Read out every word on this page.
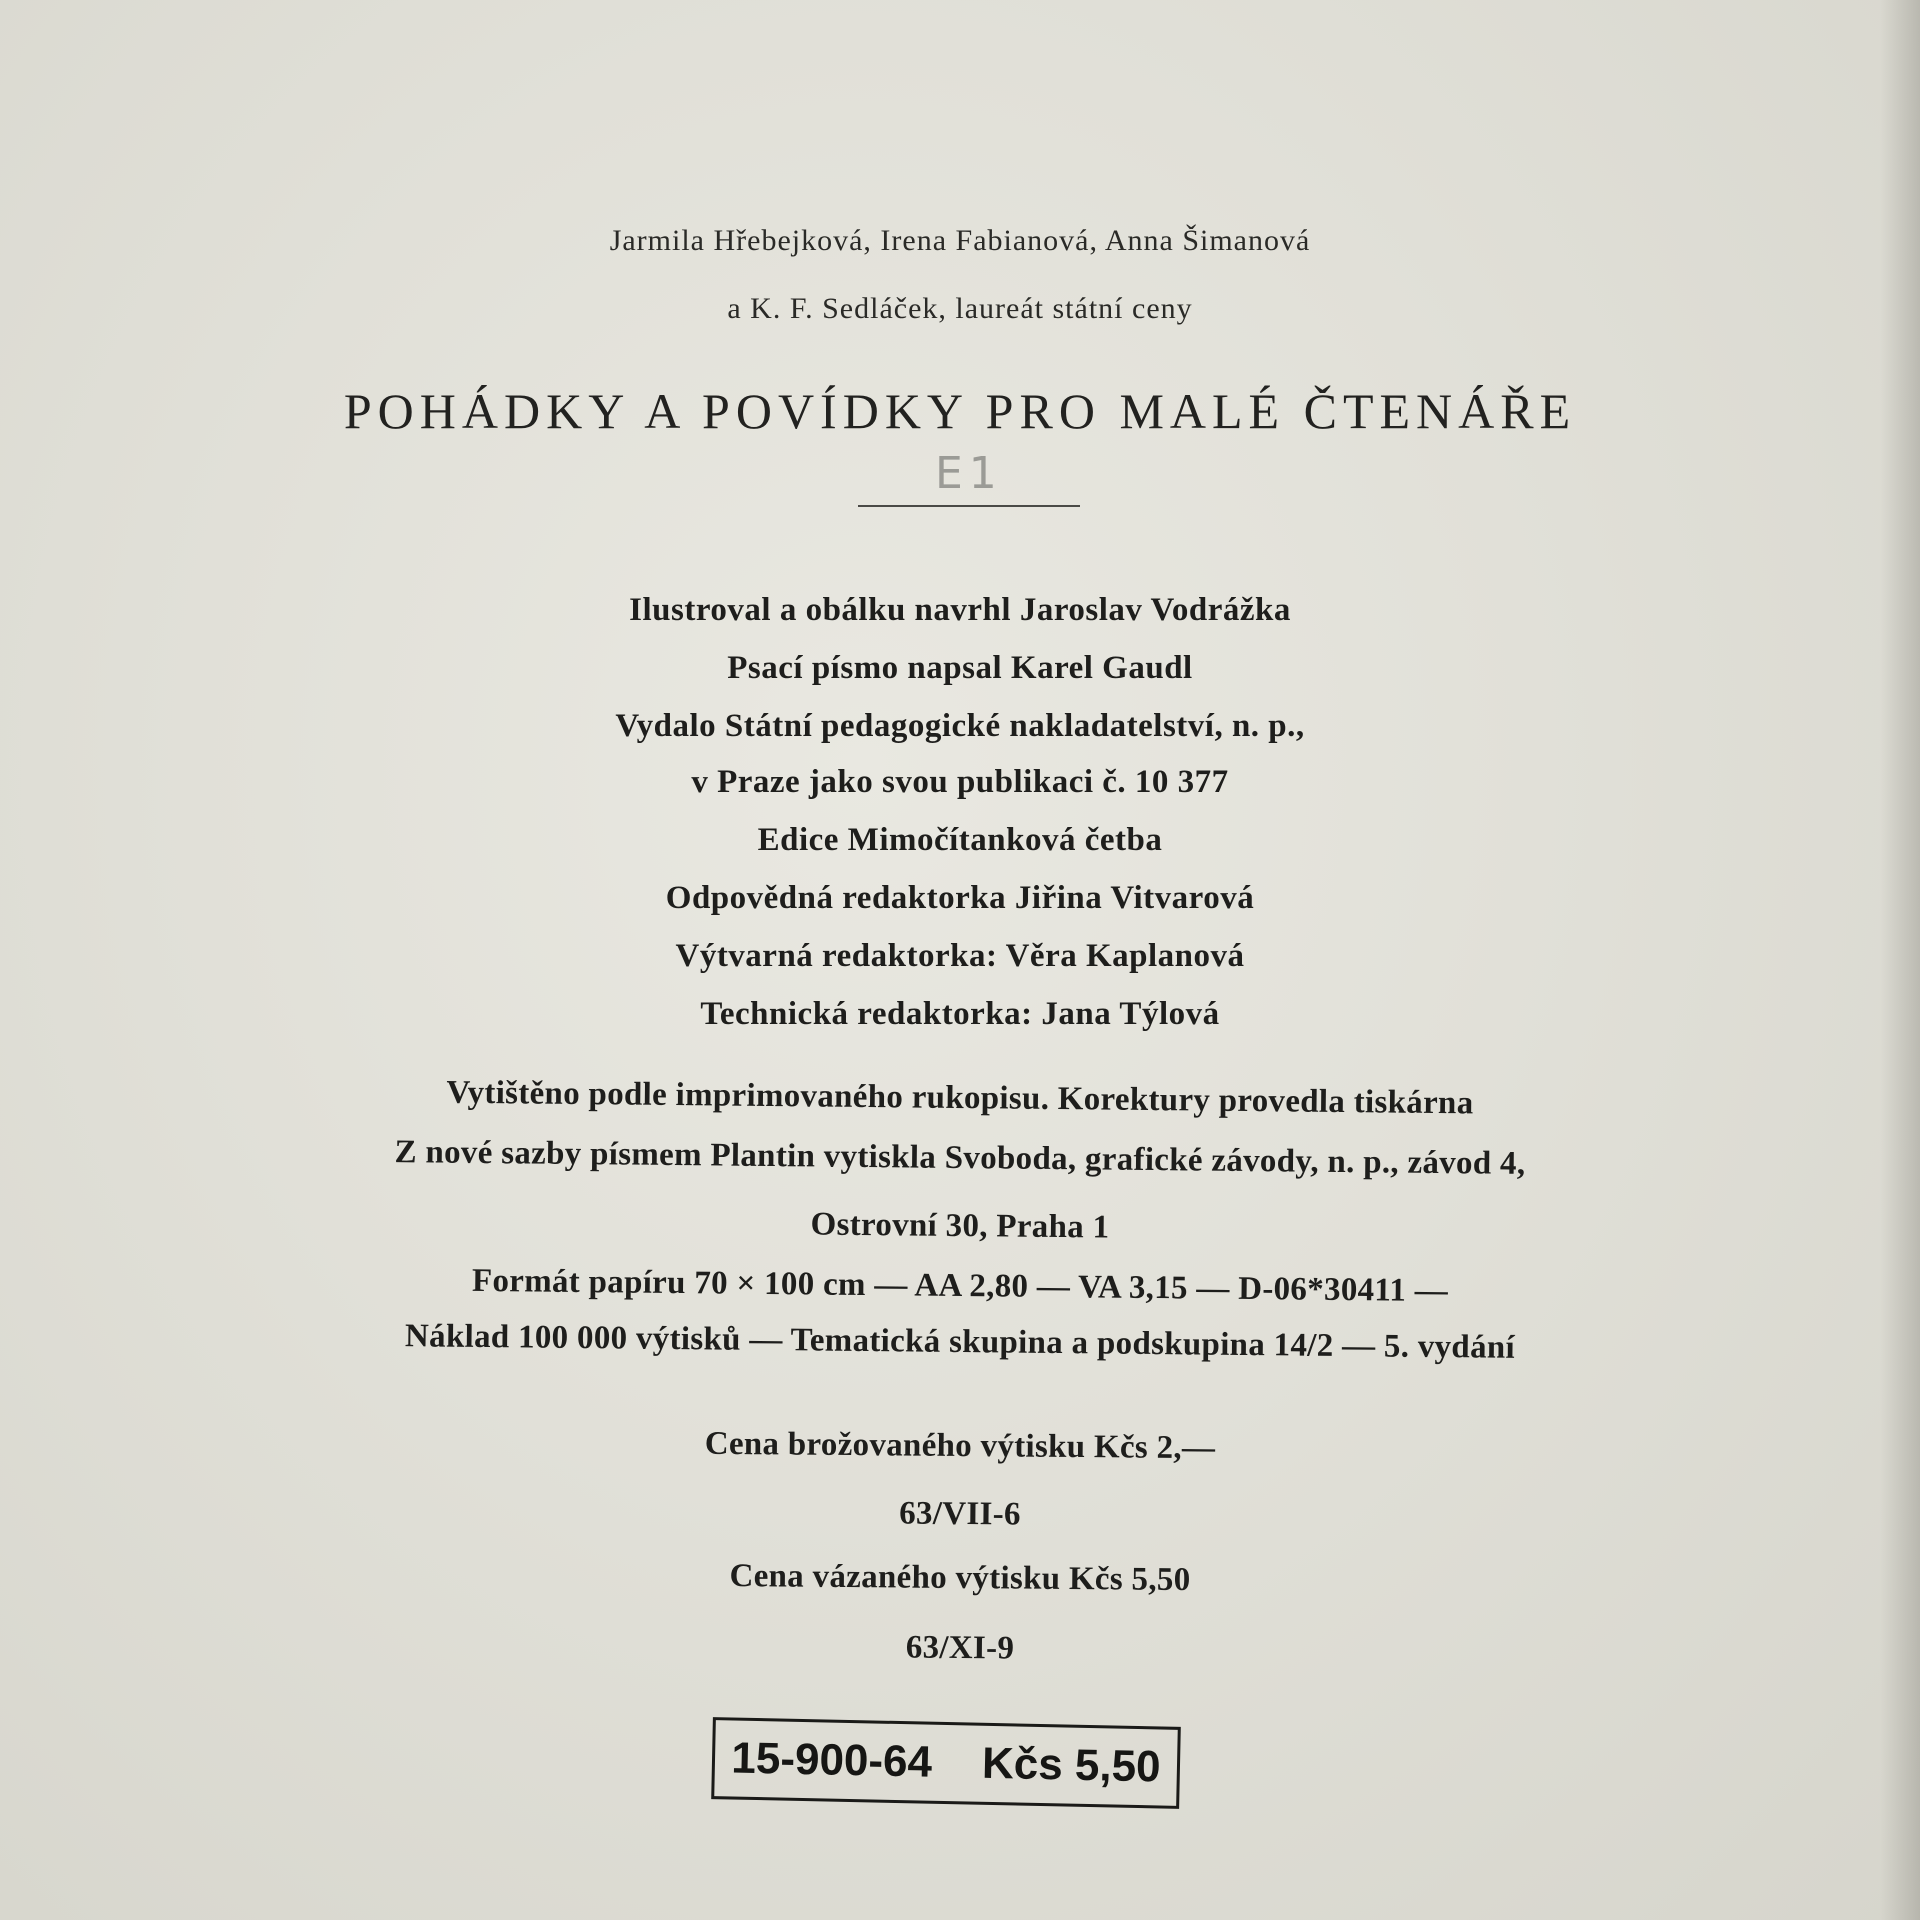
Jarmila Hřebejková, Irena Fabianová, Anna Šimanová
a K. F. Sedláček, laureát státní ceny
POHÁDKY A POVÍDKY PRO MALÉ ČTENÁŘE
E1
Ilustroval a obálku navrhl Jaroslav Vodrážka
Psací písmo napsal Karel Gaudl
Vydalo Státní pedagogické nakladatelství, n. p.,
v Praze jako svou publikaci č. 10 377
Edice Mimočítanková četba
Odpovědná redaktorka Jiřina Vitvarová
Výtvarná redaktorka: Věra Kaplanová
Technická redaktorka: Jana Týlová
Vytištěno podle imprimovaného rukopisu. Korektury provedla tiskárna
Z nové sazby písmem Plantin vytiskla Svoboda, grafické závody, n. p., závod 4,
Ostrovní 30, Praha 1
Formát papíru 70 × 100 cm — AA 2,80 — VA 3,15 — D-06*30411 —
Náklad 100 000 výtisků — Tematická skupina a podskupina 14/2 — 5. vydání
Cena brožovaného výtisku Kčs 2,—
63/VII-6
Cena vázaného výtisku Kčs 5,50
63/XI-9
15-900-64 Kčs 5,50
